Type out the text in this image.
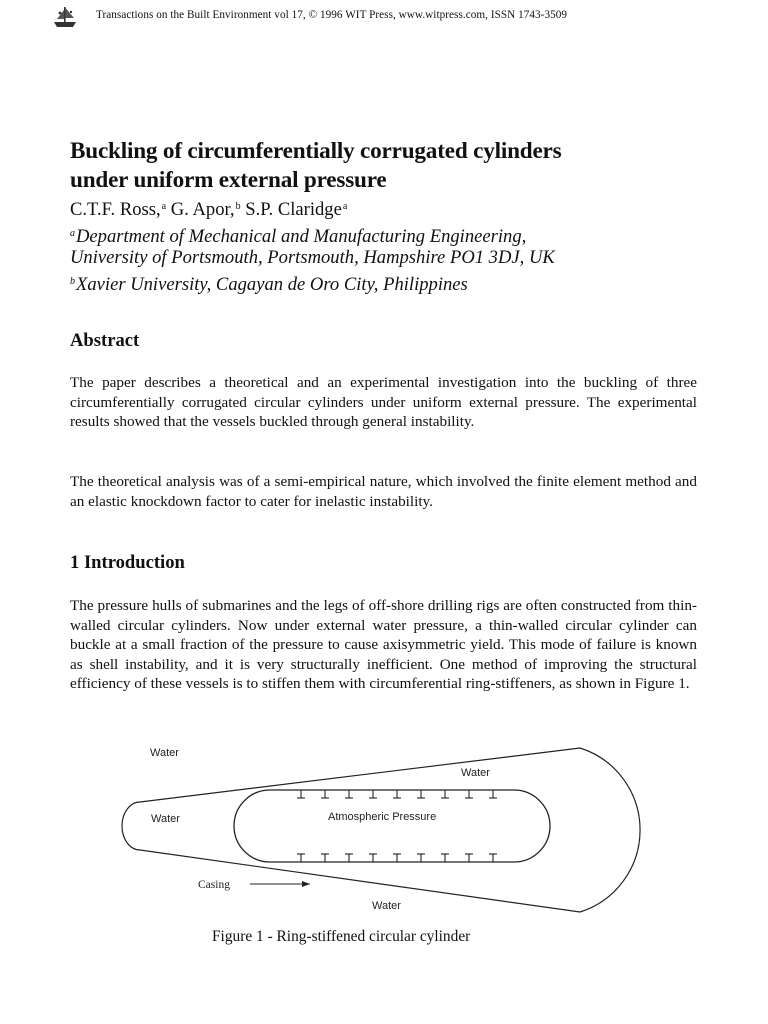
Transactions on the Built Environment vol 17, © 1996 WIT Press, www.witpress.com, ISSN 1743-3509
Buckling of circumferentially corrugated cylinders
under uniform external pressure
C.T.F. Ross,$^a$ G. Apor,$^b$ S.P. Claridge$^a$
$^a$Department of Mechanical and Manufacturing Engineering,
University of Portsmouth, Portsmouth, Hampshire PO1 3DJ, UK
$^b$Xavier University, Cagayan de Oro City, Philippines
Abstract

The paper describes a theoretical and an experimental investigation into the buckling of three circumferentially corrugated circular cylinders under uniform external pressure. The experimental results showed that the vessels buckled through general instability.

The theoretical analysis was of a semi-empirical nature, which involved the finite element method and an elastic knockdown factor to cater for inelastic instability.

1 Introduction

The pressure hulls of submarines and the legs of off-shore drilling rigs are often constructed from thin-walled circular cylinders. Now under external water pressure, a thin-walled circular cylinder can buckle at a small fraction of the pressure to cause axisymmetric yield. This mode of failure is known as shell instability, and it is very structurally inefficient. One method of improving the structural efficiency of these vessels is to stiffen them with circumferential ring-stiffeners, as shown in Figure 1.

Water
Water
Water	Atmospheric Pressure
Casing
Water
Figure 1 - Ring-stiffened circular cylinder
